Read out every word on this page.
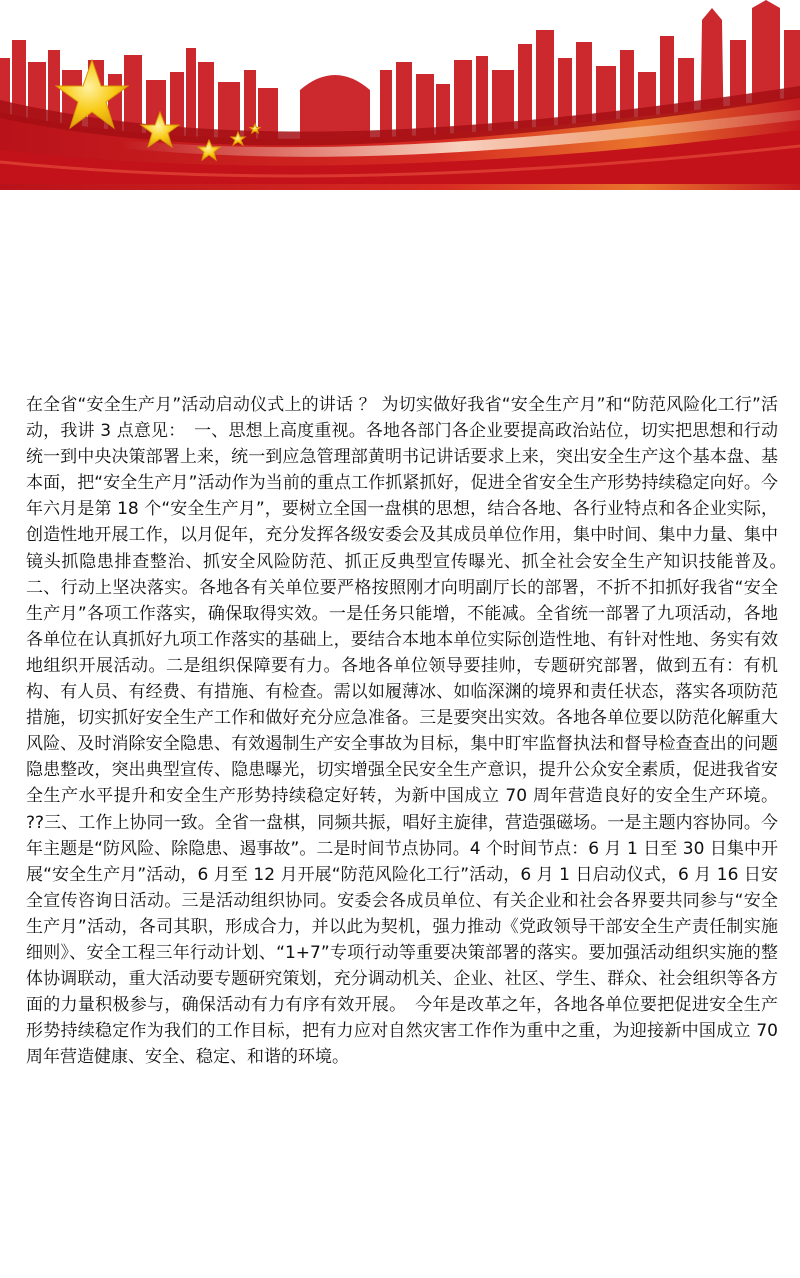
在全省“安全生产月”活动启动仪式上的讲话 ？ 为切实做好我省“安全生产月”和“防范风险化工行”活动，我讲 3 点意见：　一、思想上高度重视。各地各部门各企业要提高政治站位，切实把思想和行动统一到中央决策部署上来，统一到应急管理部黄明书记讲话要求上来，突出安全生产这个基本盘、基本面，把“安全生产月”活动作为当前的重点工作抓紧抓好，促进全省安全生产形势持续稳定向好。今年六月是第 18 个“安全生产月”，要树立全国一盘棋的思想，结合各地、各行业特点和各企业实际，创造性地开展工作，以月促年，充分发挥各级安委会及其成员单位作用，集中时间、集中力量、集中镜头抓隐患排查整治、抓安全风险防范、抓正反典型宣传曝光、抓全社会安全生产知识技能普及。　二、行动上坚决落实。各地各有关单位要严格按照刚才向明副厅长的部署，不折不扣抓好我省“安全生产月”各项工作落实，确保取得实效。一是任务只能增，不能减。全省统一部署了九项活动，各地各单位在认真抓好九项工作落实的基础上，要结合本地本单位实际创造性地、有针对性地、务实有效地组织开展活动。二是组织保障要有力。各地各单位领导要挂帅，专题研究部署，做到五有：有机构、有人员、有经费、有措施、有检查。需以如履薄冰、如临深渊的境界和责任状态，落实各项防范措施，切实抓好安全生产工作和做好充分应急准备。三是要突出实效。各地各单位要以防范化解重大风险、及时消除安全隐患、有效遏制生产安全事故为目标，集中盯牢监督执法和督导检查查出的问题隐患整改，突出典型宣传、隐患曝光，切实增强全民安全生产意识，提升公众安全素质，促进我省安全生产水平提升和安全生产形势持续稳定好转，为新中国成立 70 周年营造良好的安全生产环境。 ??三、工作上协同一致。全省一盘棋，同频共振，唱好主旋律，营造强磁场。一是主题内容协同。今年主题是“防风险、除隐患、遏事故”。二是时间节点协同。4 个时间节点：6 月 1 日至 30 日集中开展“安全生产月”活动，6 月至 12 月开展“防范风险化工行”活动，6 月 1 日启动仪式，6 月 16 日安全宣传咨询日活动。三是活动组织协同。安委会各成员单位、有关企业和社会各界要共同参与“安全生产月”活动，各司其职，形成合力，并以此为契机，强力推动《党政领导干部安全生产责任制实施细则》、安全工程三年行动计划、“1+7”专项行动等重要决策部署的落实。要加强活动组织实施的整体协调联动，重大活动要专题研究策划，充分调动机关、企业、社区、学生、群众、社会组织等各方面的力量积极参与，确保活动有力有序有效开展。　今年是改革之年，各地各单位要把促进安全生产形势持续稳定作为我们的工作目标，把有力应对自然灾害工作作为重中之重，为迎接新中国成立 70 周年营造健康、安全、稳定、和谐的环境。
